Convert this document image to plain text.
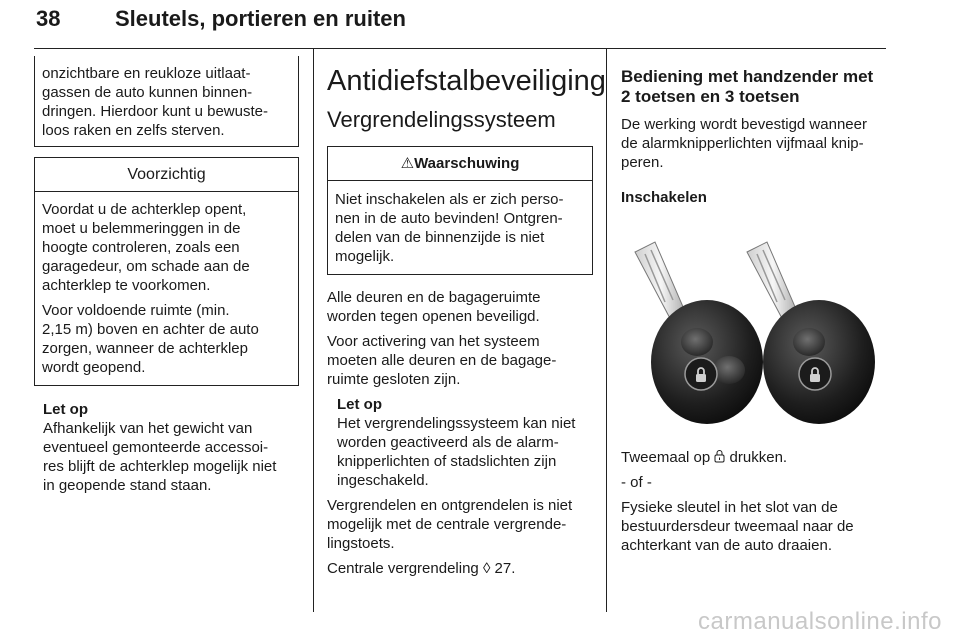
38 Sleutels, portieren en ruiten

onzichtbare en reukloze uitlaat-
gassen de auto kunnen binnen-
dringen. Hierdoor kunt u bewuste-
loos raken en zelfs sterven.

Voorzichtig

Voordat u de achterklep opent,
moet u belemmeringgen in de
hoogte controleren, zoals een
garagedeur, om schade aan de
achterklep te voorkomen.

Voor voldoende ruimte (min.
2,15 m) boven en achter de auto
zorgen, wanneer de achterklep
wordt geopend.

Let op

Afhankelijk van het gewicht van
eventueel gemonteerde accessoi-
res blijft de achterklep mogelijk niet
in geopende stand staan.

Antidiefstalbeveiliging
Vergrendelingssysteem
⚠Waarschuwing

Niet inschakelen als er zich perso-
nen in de auto bevinden! Ontgren-
delen van de binnenzijde is niet
mogelijk.

Alle deuren en de bagageruimte
worden tegen openen beveiligd.

Voor activering van het systeem
moeten alle deuren en de bagage-
ruimte gesloten zijn.

Let op

Het vergrendelingssysteem kan niet
worden geactiveerd als de alarm-
knipperlichten of stadslichten zijn
ingeschakeld.

Vergrendelen en ontgrendelen is niet
mogelijk met de centrale vergrende-
lingstoets.

Centrale vergrendeling ◊ 27.

Bediening met handzender met
2 toetsen en 3 toetsen

De werking wordt bevestigd wanneer
de alarmknipperlichten vijfmaal knip-
peren.

Inschakelen

Tweemaal op  drukken.

- of -

Fysieke sleutel in het slot van de
bestuurdersdeur tweemaal naar de
achterkant van de auto draaien.

carmanualsonline.info
